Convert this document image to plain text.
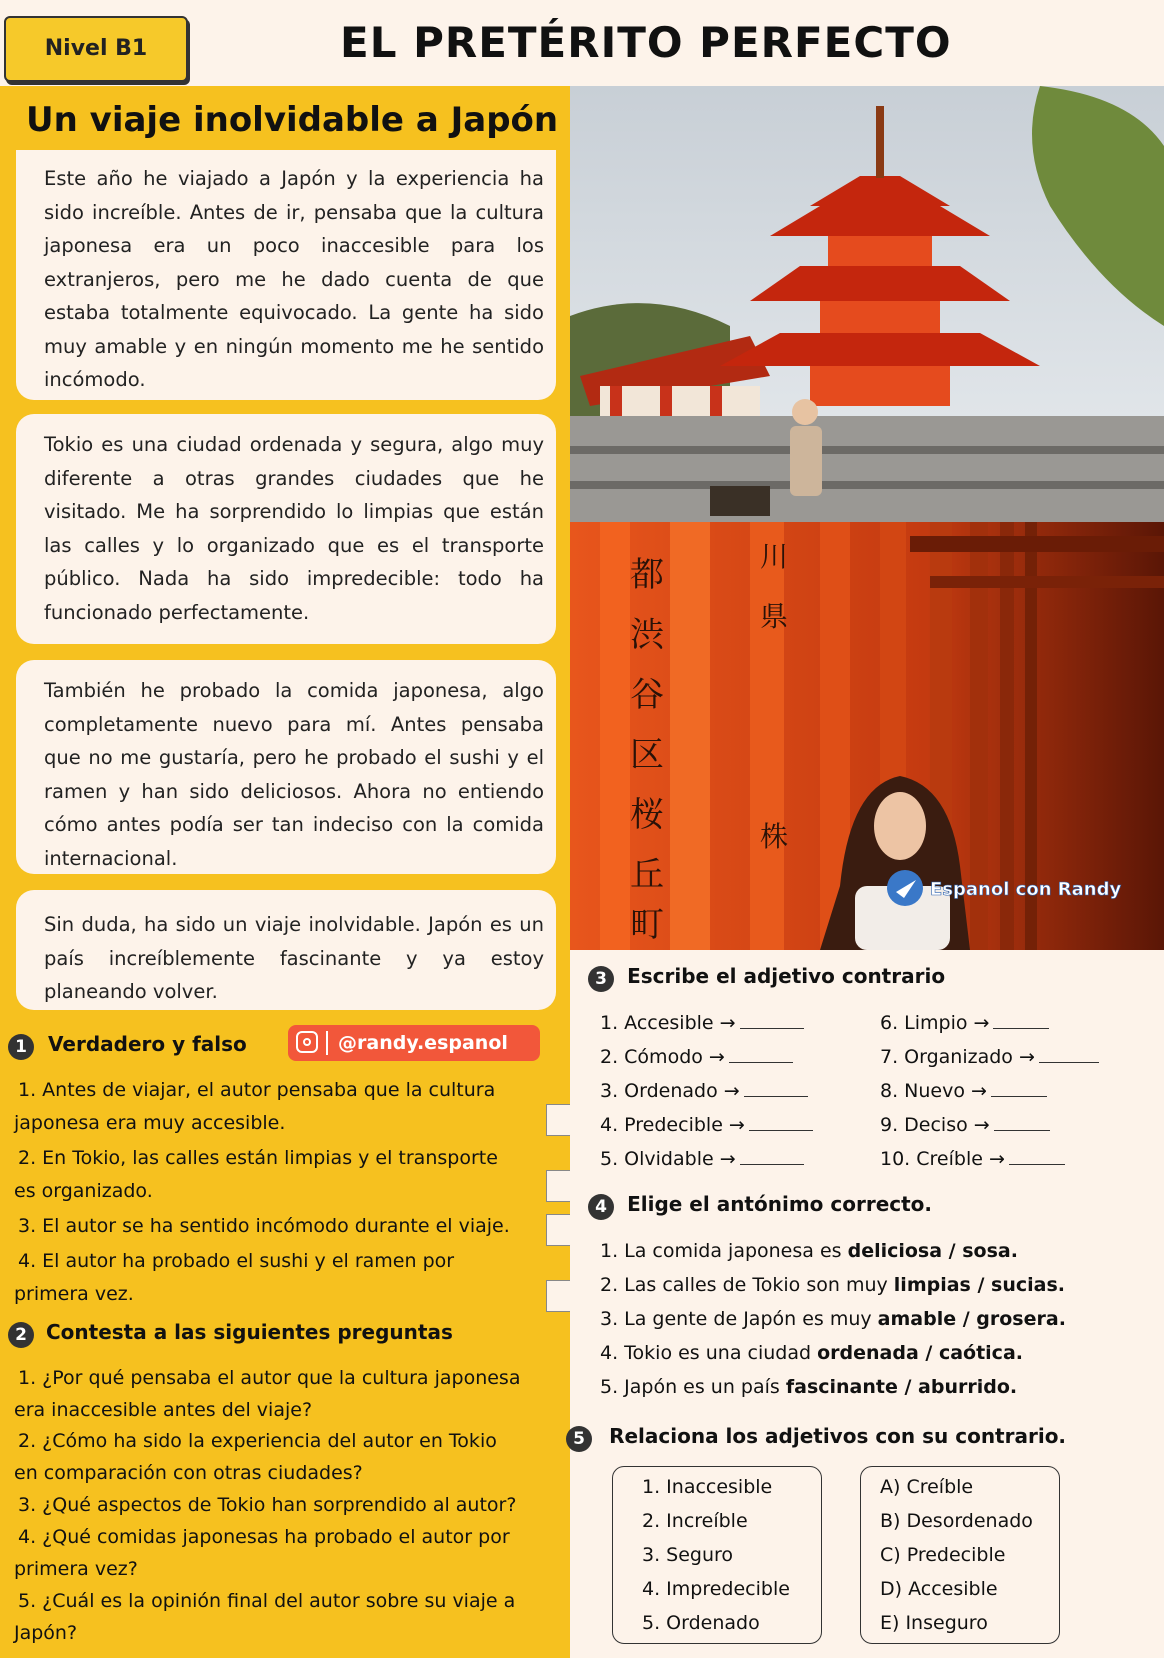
Nivel B1	EL PRETÉRITO PERFECTO
Un viaje inolvidable a Japón
Este año he viajado a Japón y la experiencia ha sido increíble. Antes de ir, pensaba que la cultura japonesa era un poco inaccesible para los extranjeros, pero me he dado cuenta de que estaba totalmente equivocado. La gente ha sido muy amable y en ningún momento me he sentido incómodo.
Tokio es una ciudad ordenada y segura, algo muy diferente a otras grandes ciudades que he visitado. Me ha sorprendido lo limpias que están las calles y lo organizado que es el transporte público. Nada ha sido impredecible: todo ha funcionado perfectamente.
También he probado la comida japonesa, algo completamente nuevo para mí. Antes pensaba que no me gustaría, pero he probado el sushi y el ramen y han sido deliciosos. Ahora no entiendo cómo antes podía ser tan indeciso con la comida internacional.
Sin duda, ha sido un viaje inolvidable. Japón es un país increíblemente fascinante y ya estoy planeando volver.
1 Verdadero y falso	@randy.espanol
1. Antes de viajar, el autor pensaba que la cultura
japonesa era muy accesible.
2. En Tokio, las calles están limpias y el transporte
es organizado.
3. El autor se ha sentido incómodo durante el viaje.
4. El autor ha probado el sushi y el ramen por
primera vez.
2 Contesta a las siguientes preguntas
1. ¿Por qué pensaba el autor que la cultura japonesa
era inaccesible antes del viaje?
2. ¿Cómo ha sido la experiencia del autor en Tokio
en comparación con otras ciudades?
3. ¿Qué aspectos de Tokio han sorprendido al autor?
4. ¿Qué comidas japonesas ha probado el autor por
primera vez?
5. ¿Cuál es la opinión final del autor sobre su viaje a
Japón?
都
渋
谷
区
桜
丘
町
川
県
株
Espanol con Randy
3 Escribe el adjetivo contrario
1. Accesible →
2. Cómodo →
3. Ordenado →
4. Predecible →
5. Olvidable →
6. Limpio →
7. Organizado →
8. Nuevo →
9. Deciso →
10. Creíble →
4 Elige el antónimo correcto.
1. La comida japonesa es deliciosa / sosa.
2. Las calles de Tokio son muy limpias / sucias.
3. La gente de Japón es muy amable / grosera.
4. Tokio es una ciudad ordenada / caótica.
5. Japón es un país fascinante / aburrido.
5 Relaciona los adjetivos con su contrario.
1. Inaccesible
2. Increíble
3. Seguro
4. Impredecible
5. Ordenado
A) Creíble
B) Desordenado
C) Predecible
D) Accesible
E) Inseguro
